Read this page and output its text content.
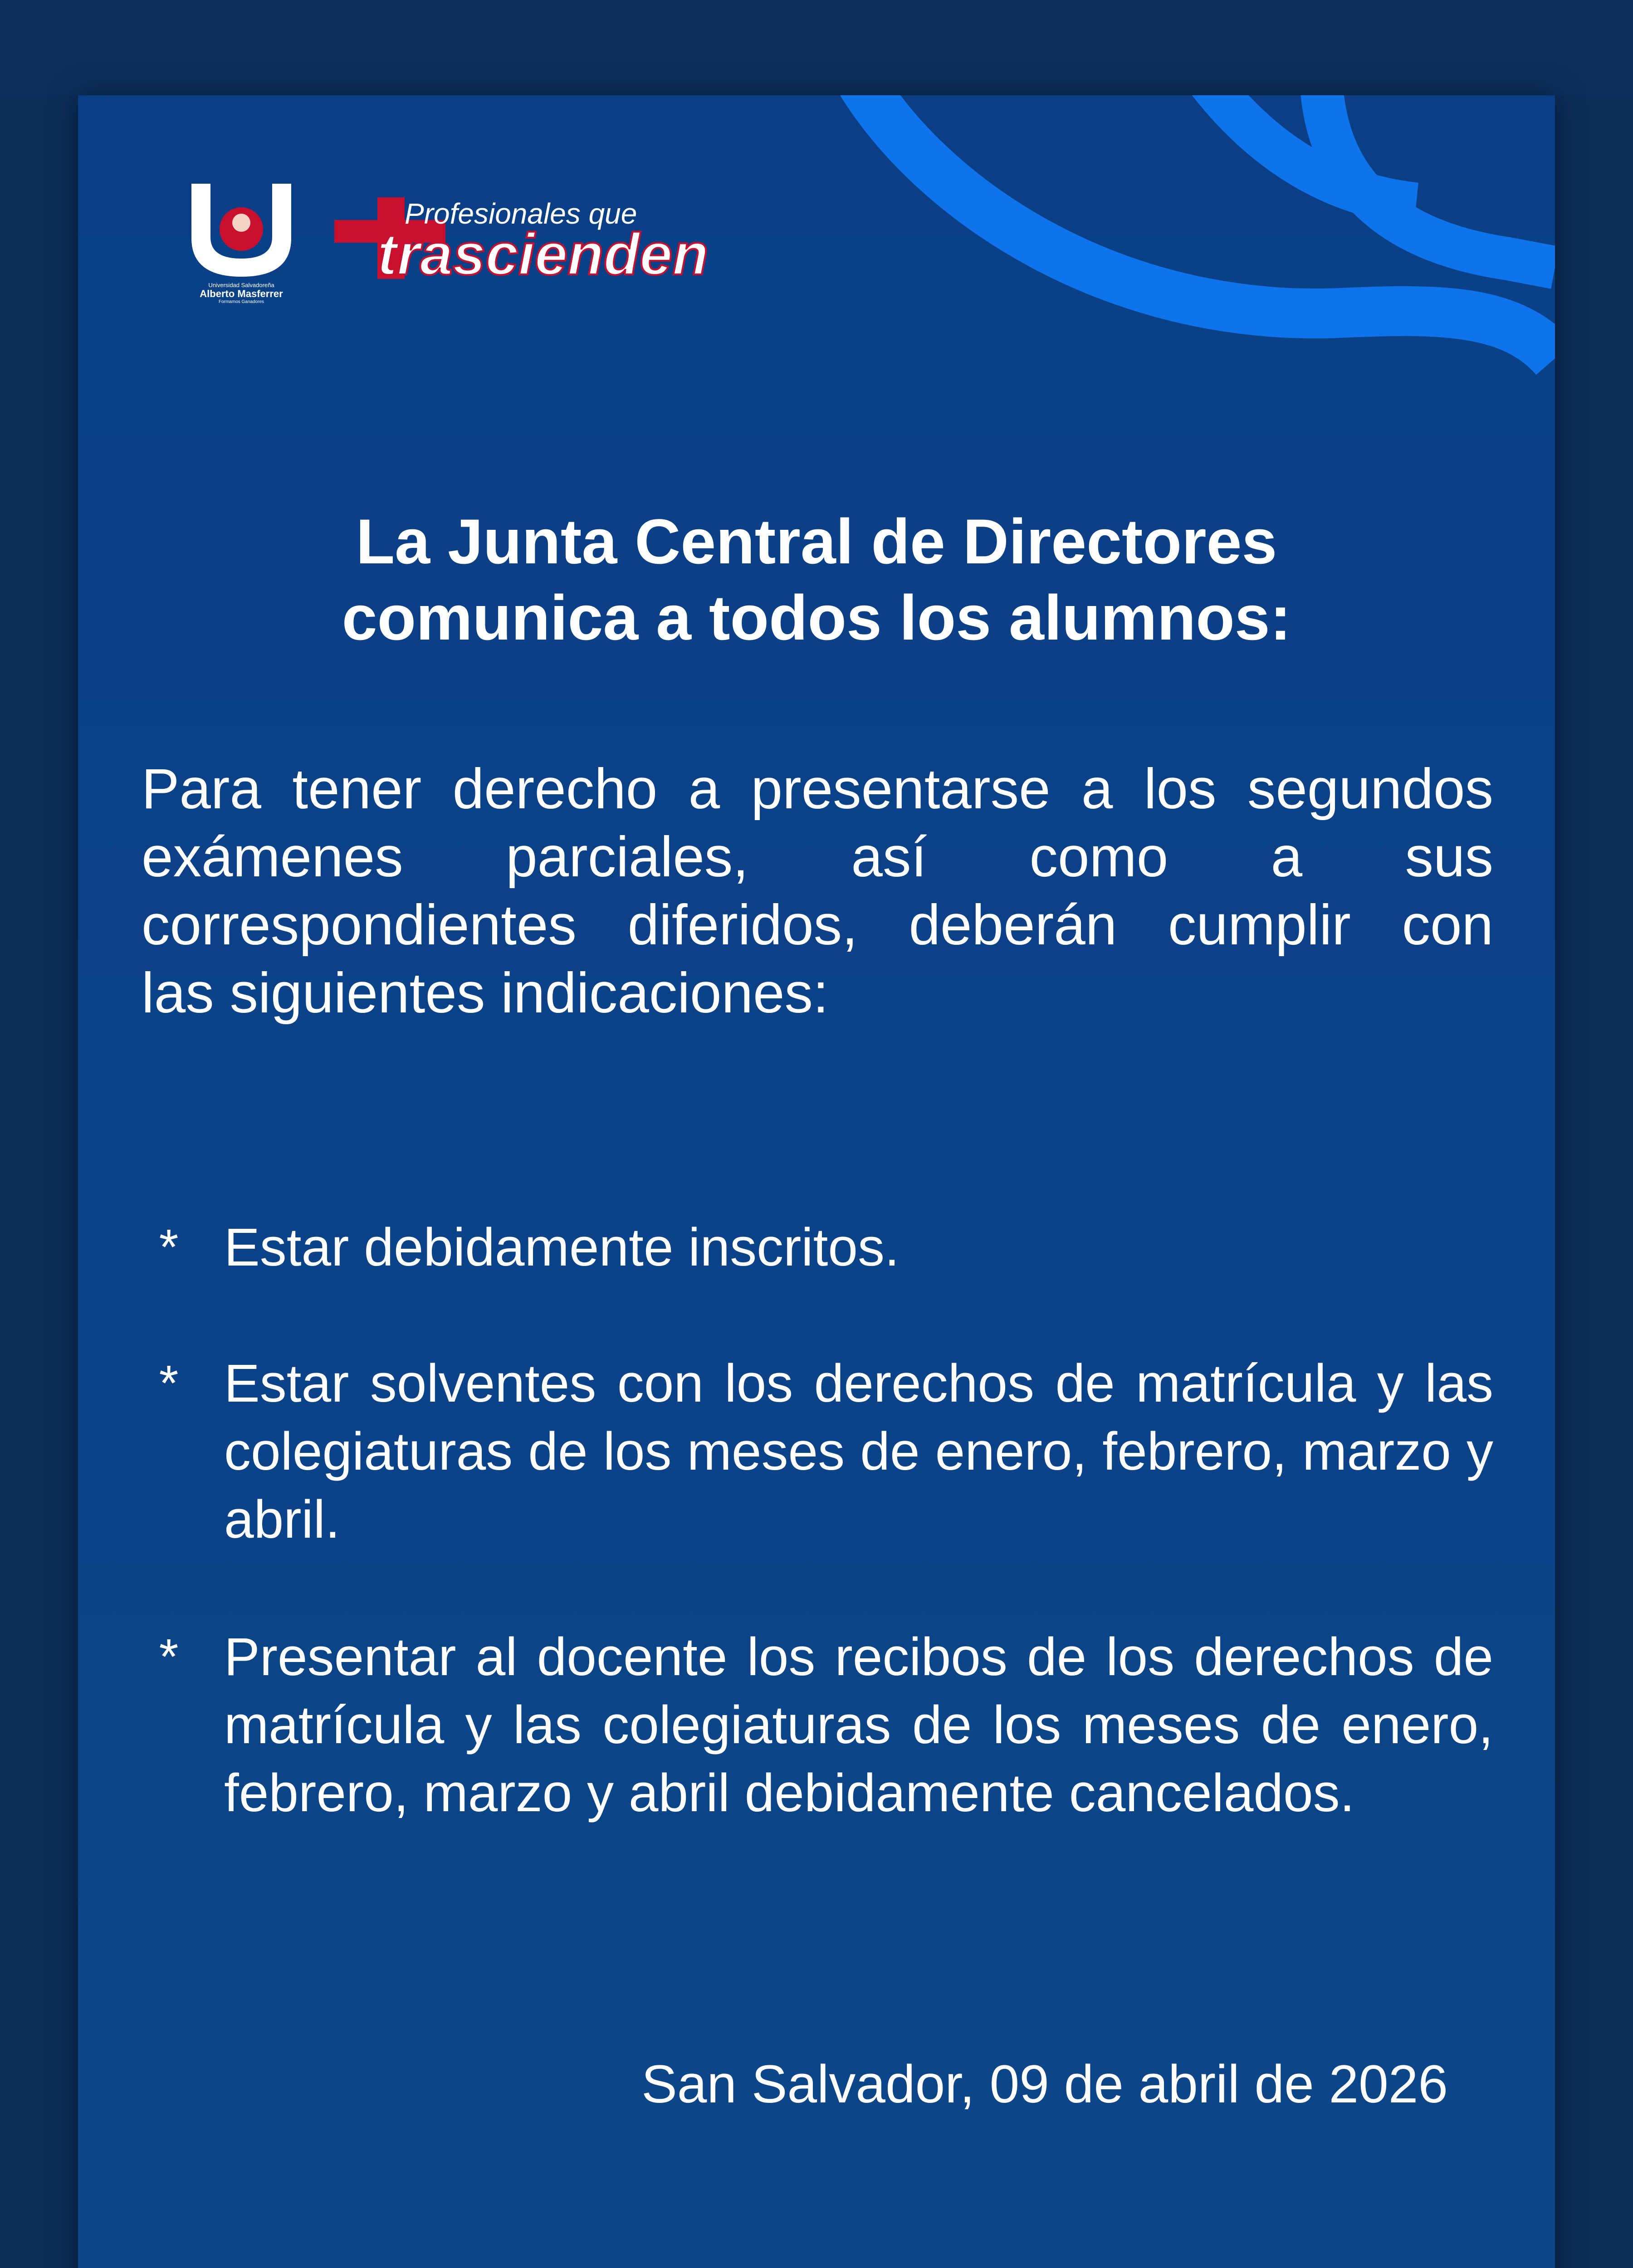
Universidad Salvadoreña
Alberto Masferrer
Formamos Ganadores
Profesionales que
trascienden
La Junta Central de Directores
comunica a todos los alumnos:
Para tener derecho a presentarse a los segundos
exámenes parciales, así como a sus
correspondientes diferidos, deberán cumplir con
las siguientes indicaciones:
* Estar debidamente inscritos.
* Estar solventes con los derechos de matrícula y las
colegiaturas de los meses de enero, febrero, marzo y
abril.
* Presentar al docente los recibos de los derechos de
matrícula y las colegiaturas de los meses de enero,
febrero, marzo y abril debidamente cancelados.
San Salvador, 09 de abril de 2026
